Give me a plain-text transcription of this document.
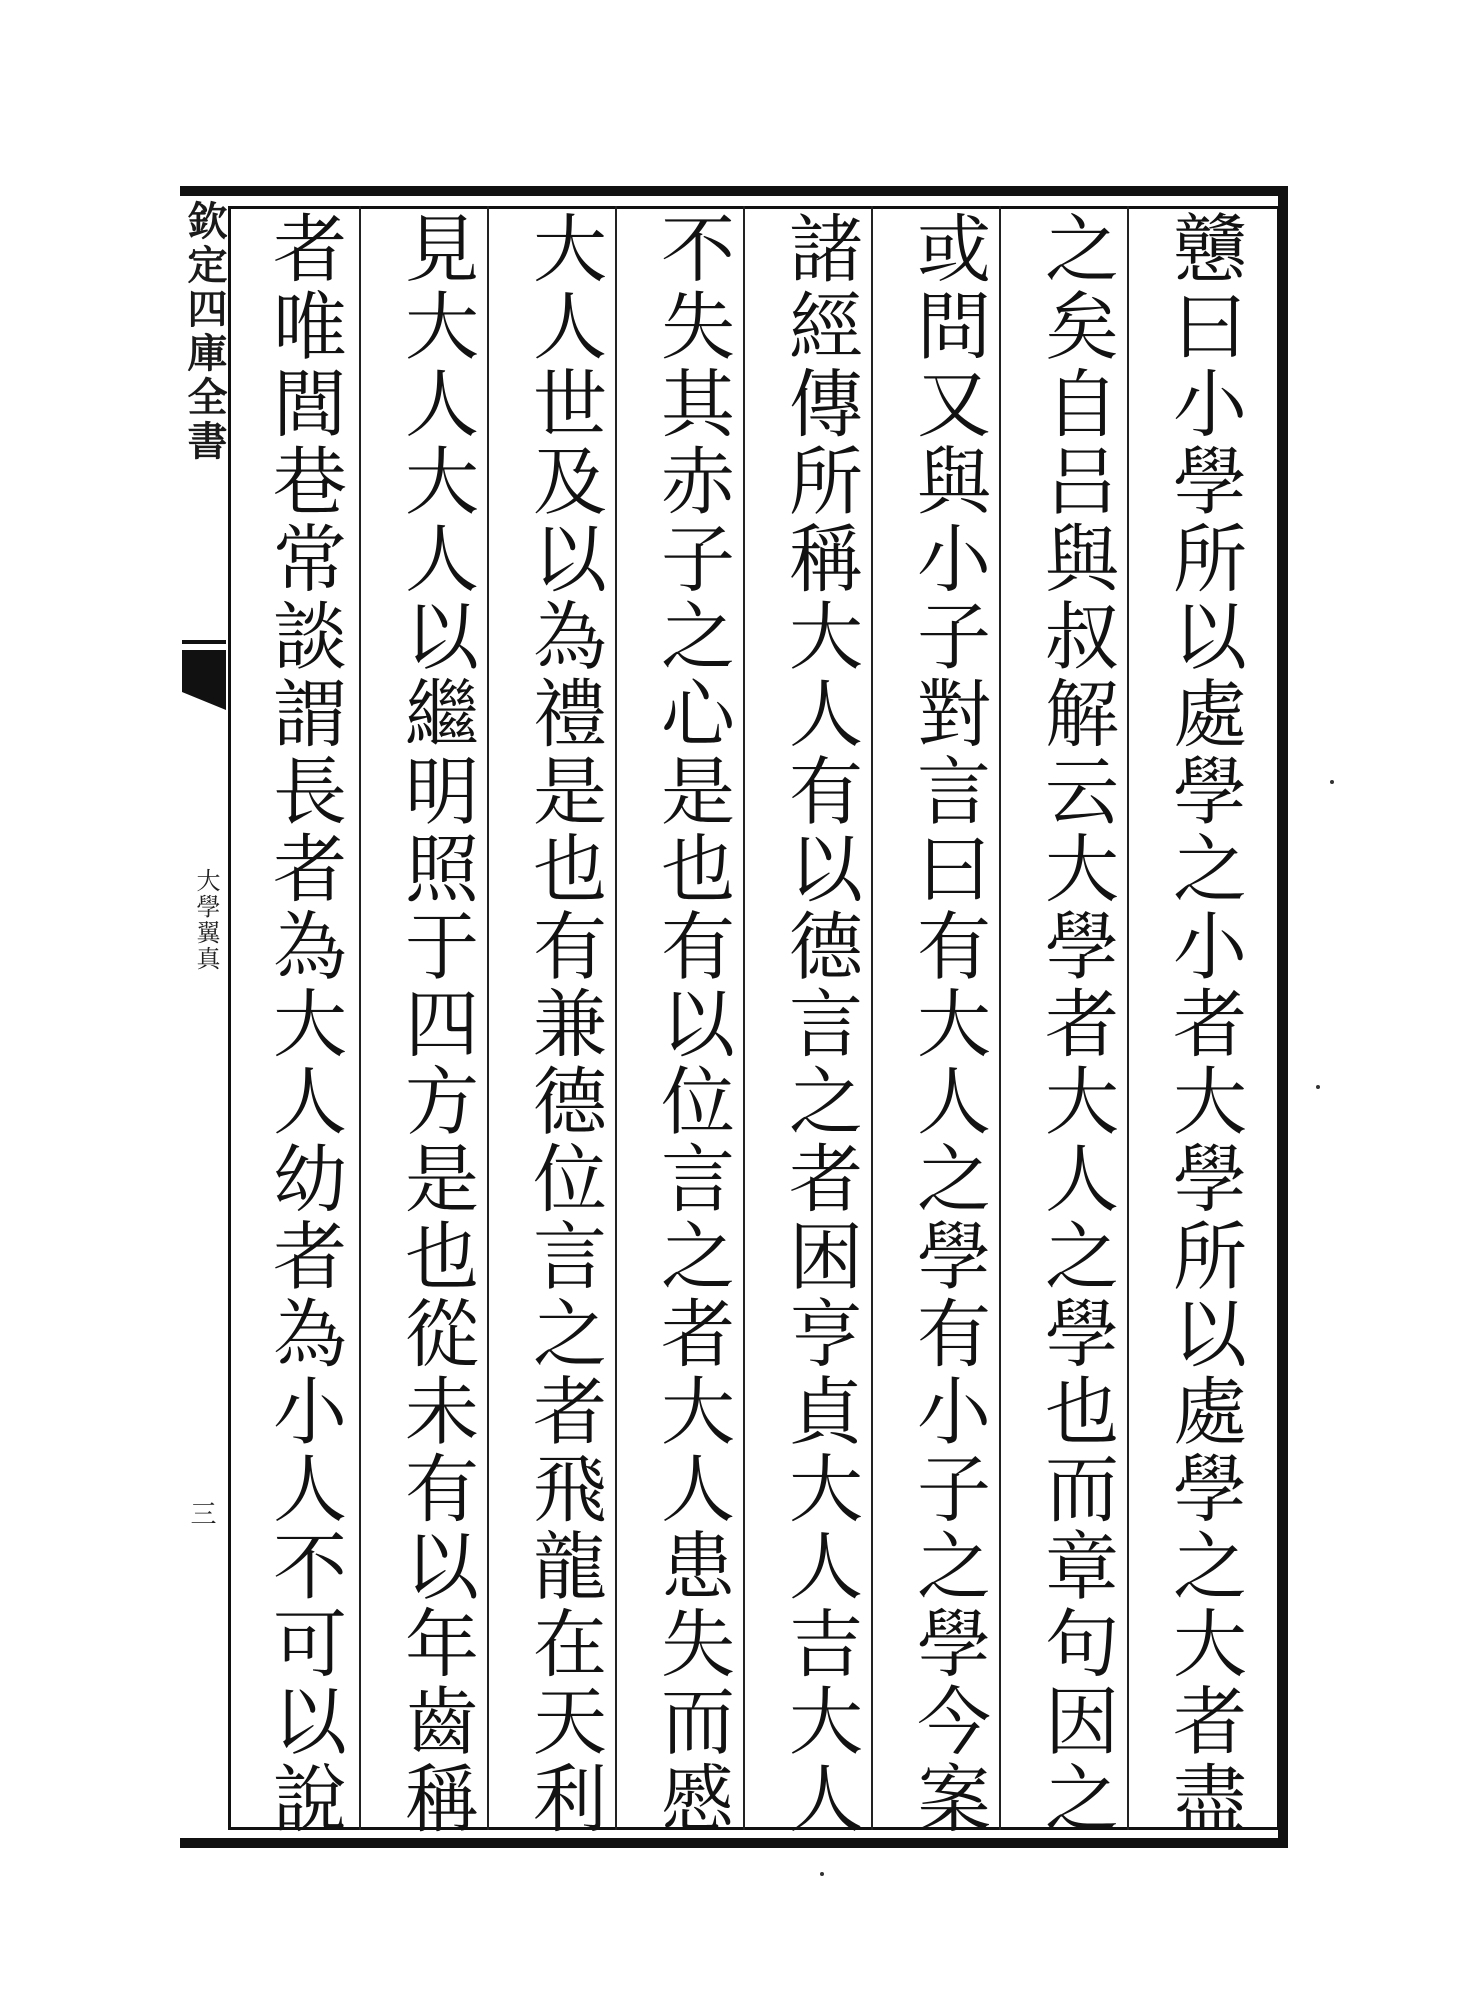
欽定四庫全書
大學翼真
三	戇曰小學所以處學之小者大學所以處學之大者盡
之矣自吕與叔解云大學者大人之學也而章句因之
或問又與小子對言曰有大人之學有小子之學今案
諸經傳所稱大人有以德言之者困亨貞大人吉大人
不失其赤子之心是也有以位言之者大人患失而慼
大人世及以為禮是也有兼德位言之者飛龍在天利
見大人大人以繼明照于四方是也從未有以年齒稱
者唯閭巷常談謂長者為大人幼者為小人不可以說
